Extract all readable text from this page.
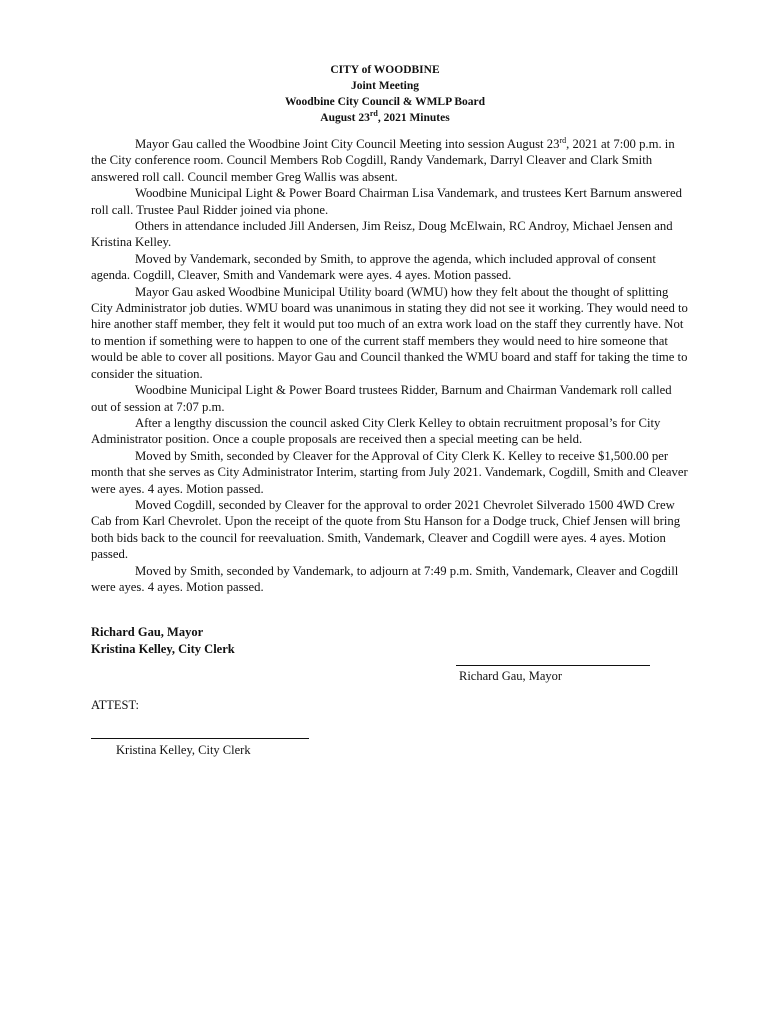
CITY of WOODBINE
Joint Meeting
Woodbine City Council & WMLP Board
August 23rd, 2021 Minutes

Mayor Gau called the Woodbine Joint City Council Meeting into session August 23rd, 2021 at 7:00 p.m. in the City conference room. Council Members Rob Cogdill, Randy Vandemark, Darryl Cleaver and Clark Smith answered roll call. Council member Greg Wallis was absent.

Woodbine Municipal Light & Power Board Chairman Lisa Vandemark, and trustees Kert Barnum answered roll call. Trustee Paul Ridder joined via phone.

Others in attendance included Jill Andersen, Jim Reisz, Doug McElwain, RC Androy, Michael Jensen and Kristina Kelley.

Moved by Vandemark, seconded by Smith, to approve the agenda, which included approval of consent agenda. Cogdill, Cleaver, Smith and Vandemark were ayes. 4 ayes. Motion passed.

Mayor Gau asked Woodbine Municipal Utility board (WMU) how they felt about the thought of splitting City Administrator job duties. WMU board was unanimous in stating they did not see it working. They would need to hire another staff member, they felt it would put too much of an extra work load on the staff they currently have. Not to mention if something were to happen to one of the current staff members they would need to hire someone that would be able to cover all positions. Mayor Gau and Council thanked the WMU board and staff for taking the time to consider the situation.

Woodbine Municipal Light & Power Board trustees Ridder, Barnum and Chairman Vandemark roll called out of session at 7:07 p.m.

After a lengthy discussion the council asked City Clerk Kelley to obtain recruitment proposal’s for City Administrator position. Once a couple proposals are received then a special meeting can be held.

Moved by Smith, seconded by Cleaver for the Approval of City Clerk K. Kelley to receive $1,500.00 per month that she serves as City Administrator Interim, starting from July 2021. Vandemark, Cogdill, Smith and Cleaver were ayes. 4 ayes. Motion passed.

Moved Cogdill, seconded by Cleaver for the approval to order 2021 Chevrolet Silverado 1500 4WD Crew Cab from Karl Chevrolet. Upon the receipt of the quote from Stu Hanson for a Dodge truck, Chief Jensen will bring both bids back to the council for reevaluation. Smith, Vandemark, Cleaver and Cogdill were ayes. 4 ayes. Motion passed.

Moved by Smith, seconded by Vandemark, to adjourn at 7:49 p.m. Smith, Vandemark, Cleaver and Cogdill were ayes. 4 ayes. Motion passed.

Richard Gau, Mayor
Kristina Kelley, City Clerk
Richard Gau, Mayor
ATTEST:
Kristina Kelley, City Clerk
